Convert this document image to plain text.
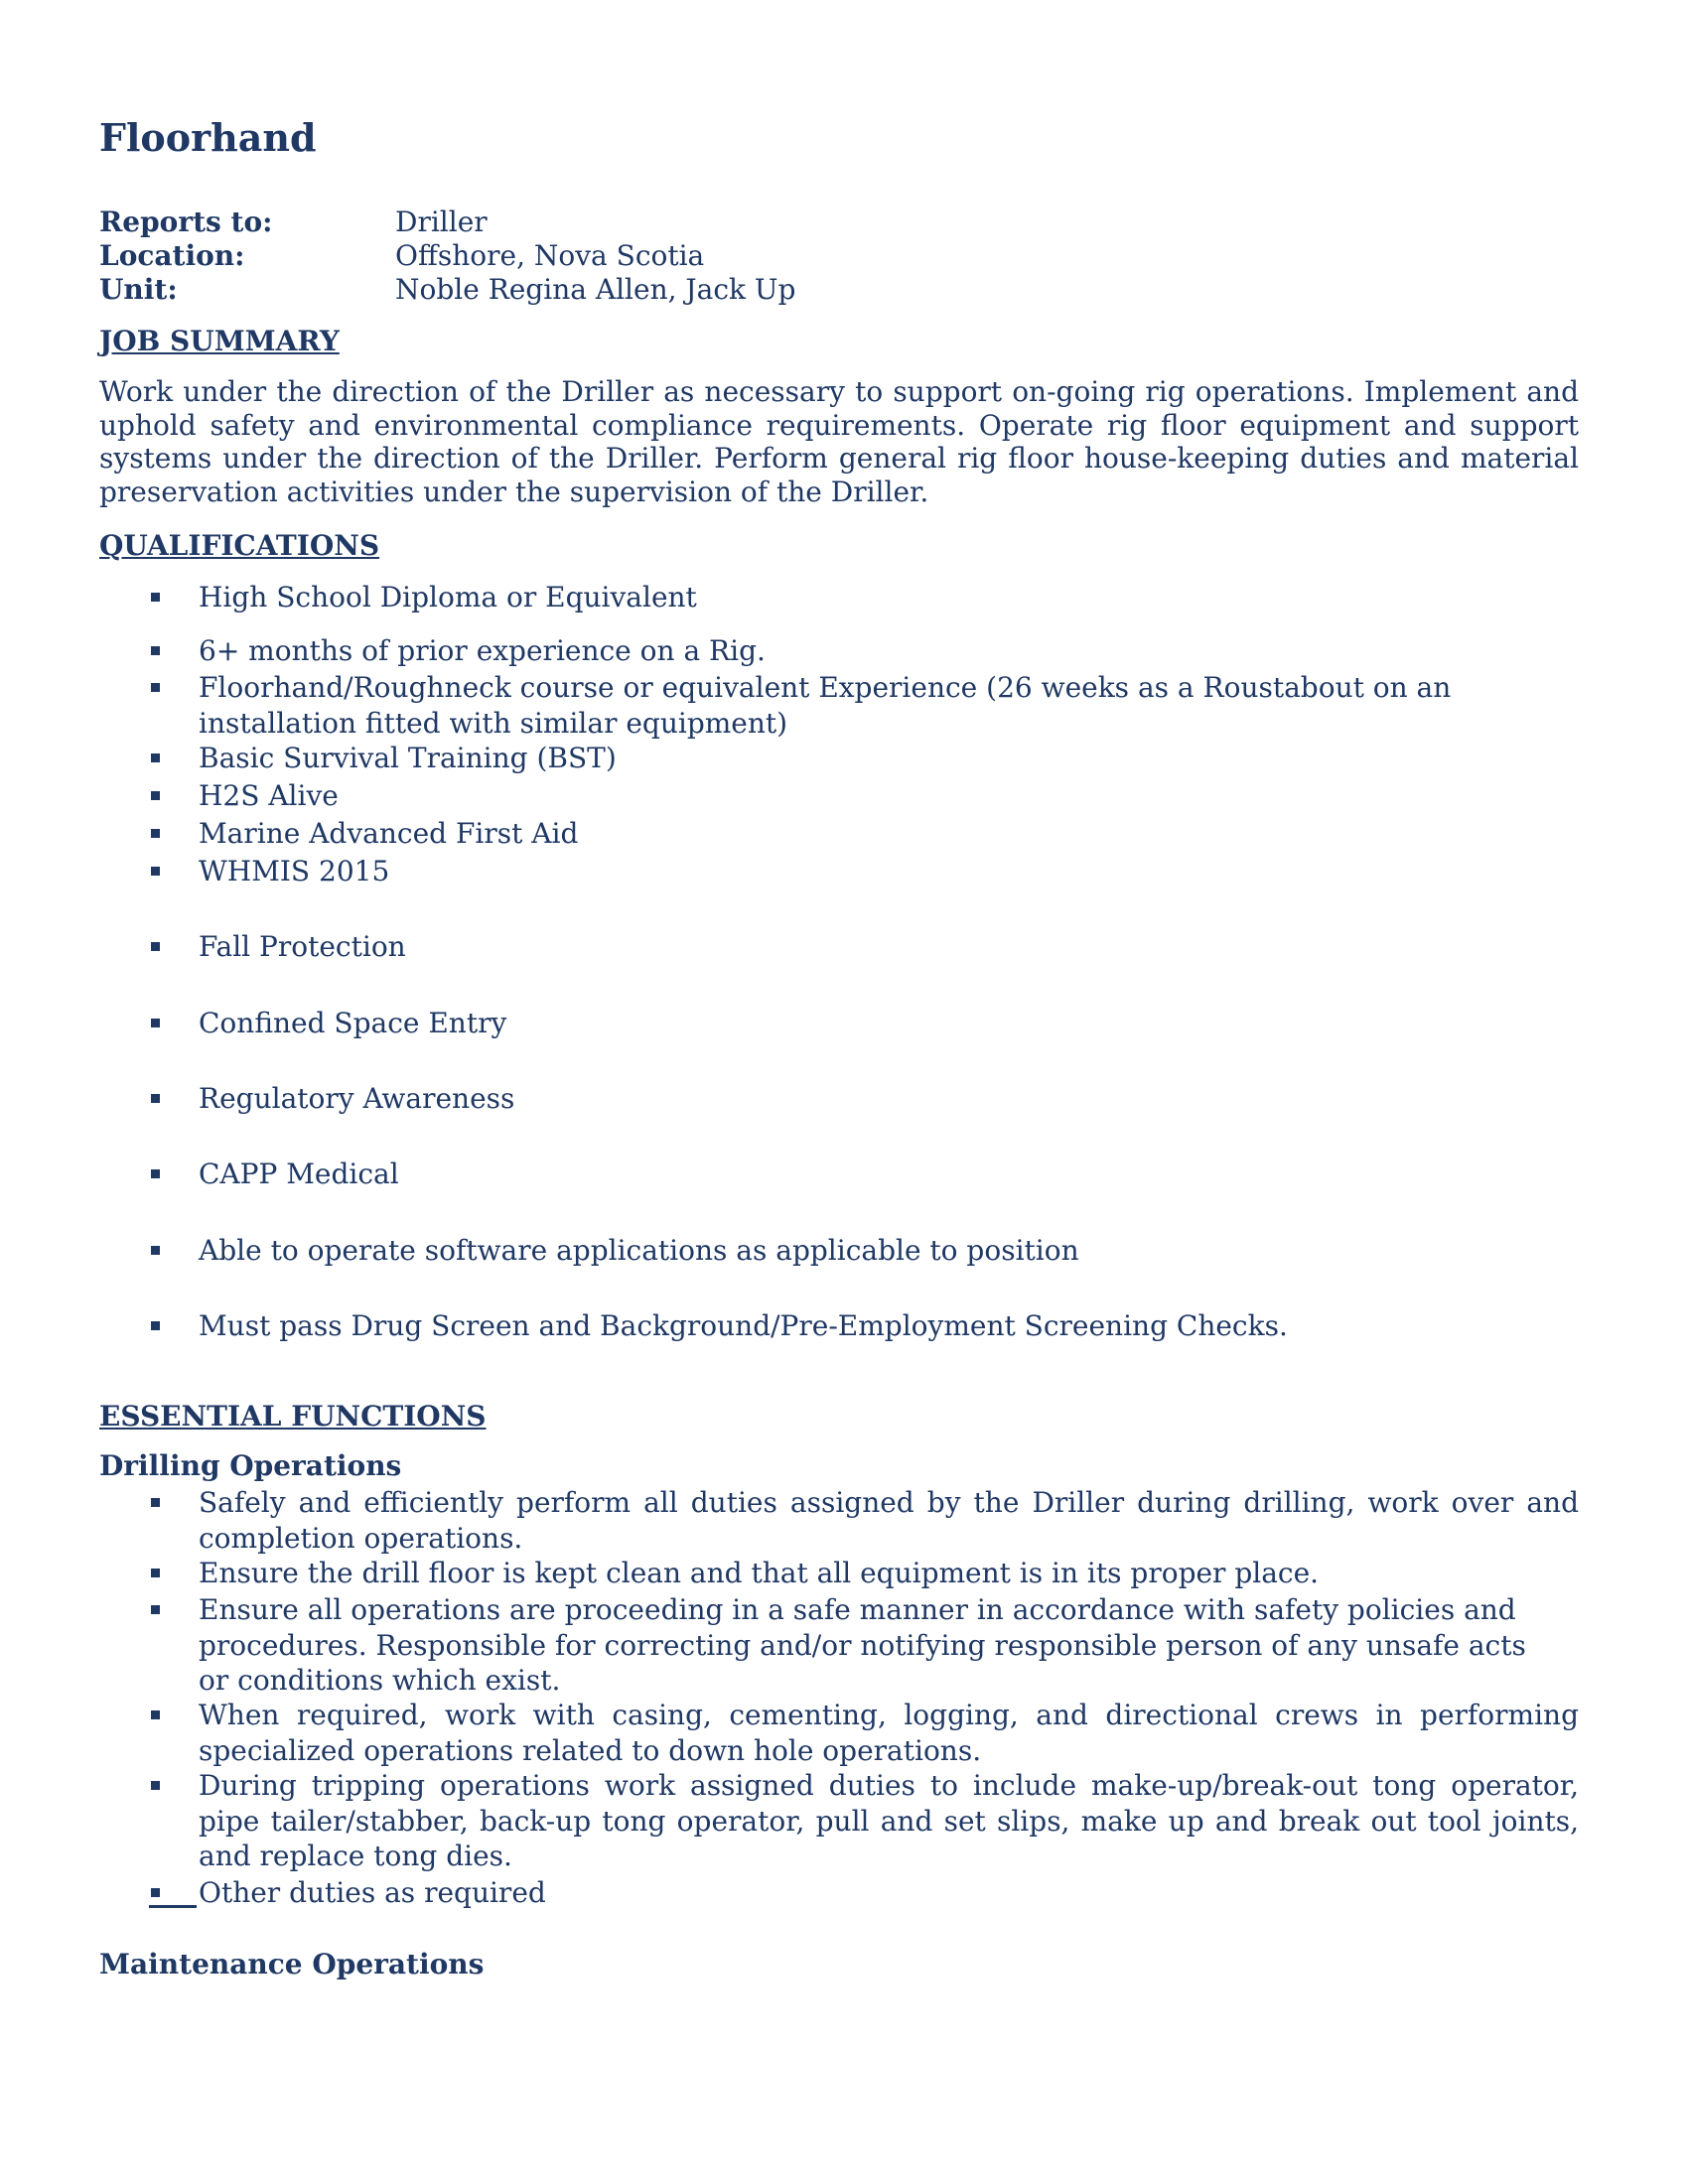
Floorhand
Reports to:	Driller
Location:	Offshore, Nova Scotia
Unit:	Noble Regina Allen, Jack Up
JOB SUMMARY

Work under the direction of the Driller as necessary to support on-going rig operations. Implement and uphold safety and environmental compliance requirements. Operate rig floor equipment and support systems under the direction of the Driller. Perform general rig floor house-keeping duties and material preservation activities under the supervision of the Driller.

QUALIFICATIONS

High School Diploma or Equivalent

6+ months of prior experience on a Rig.

Floorhand/Roughneck course or equivalent Experience (26 weeks as a Roustabout on an installation fitted with similar equipment)

Basic Survival Training (BST)

H2S Alive

Marine Advanced First Aid

WHMIS 2015

Fall Protection

Confined Space Entry

Regulatory Awareness

CAPP Medical

Able to operate software applications as applicable to position

Must pass Drug Screen and Background/Pre-Employment Screening Checks.

ESSENTIAL FUNCTIONS
Drilling Operations

Safely and efficiently perform all duties assigned by the Driller during drilling, work over and completion operations.

Ensure the drill floor is kept clean and that all equipment is in its proper place.

Ensure all operations are proceeding in a safe manner in accordance with safety policies and procedures. Responsible for correcting and/or notifying responsible person of any unsafe acts or conditions which exist.

When required, work with casing, cementing, logging, and directional crews in performing specialized operations related to down hole operations.

During tripping operations work assigned duties to include make-up/break-out tong operator, pipe tailer/stabber, back-up tong operator, pull and set slips, make up and break out tool joints, and replace tong dies.

Other duties as required

Maintenance Operations
